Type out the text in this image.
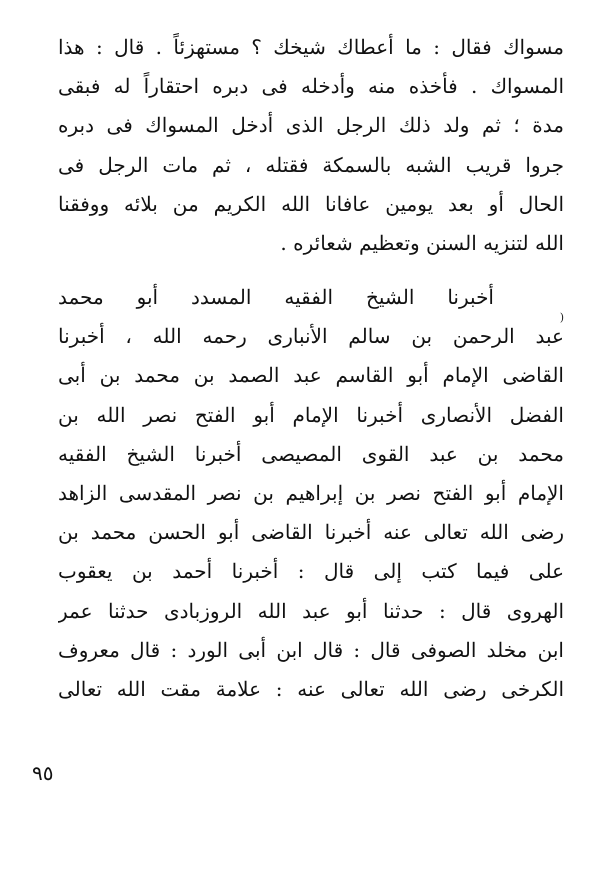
مسواك فقال : ما أعطاك شيخك ؟ مستهزئاً . قال : هذا
المسواك . فأخذه منه وأدخله فى دبره احتقاراً له فبقى
مدة ؛ ثم ولد ذلك الرجل الذى أدخل المسواك فى دبره
جروا قريب الشبه بالسمكة فقتله ، ثم مات الرجل فى
الحال أو بعد يومين عافانا الله الكريم من بلائه ووفقنا
الله لتنزيه السنن وتعظيم شعائره .
(
أخبرنا الشيخ الفقيه المسدد أبو محمد
عبد الرحمن بن سالم الأنبارى رحمه الله ، أخبرنا
القاضى الإمام أبو القاسم عبد الصمد بن محمد بن أبى
الفضل الأنصارى أخبرنا الإمام أبو الفتح نصر الله بن
محمد بن عبد القوى المصيصى أخبرنا الشيخ الفقيه
الإمام أبو الفتح نصر بن إبراهيم بن نصر المقدسى الزاهد
رضى الله تعالى عنه أخبرنا القاضى أبو الحسن محمد بن
على فيما كتب إلى قال : أخبرنا أحمد بن يعقوب
الهروى قال : حدثنا أبو عبد الله الروزبادى حدثنا عمر
ابن مخلد الصوفى قال : قال ابن أبى الورد : قال معروف
الكرخى رضى الله تعالى عنه : علامة مقت الله تعالى
٩٥
